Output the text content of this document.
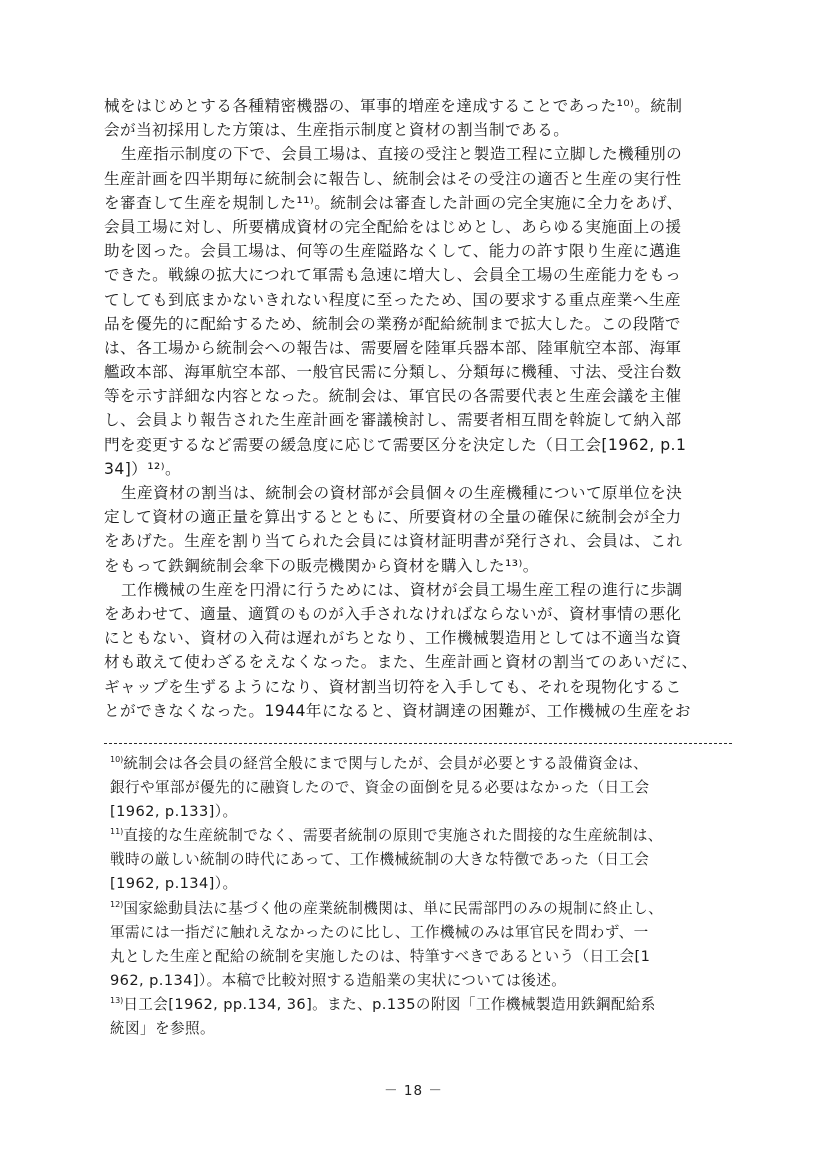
械をはじめとする各種精密機器の、軍事的増産を達成することであった¹⁰⁾。統制
会が当初採用した方策は、生産指示制度と資材の割当制である。
生産指示制度の下で、会員工場は、直接の受注と製造工程に立脚した機種別の
生産計画を四半期毎に統制会に報告し、統制会はその受注の適否と生産の実行性
を審査して生産を規制した¹¹⁾。統制会は審査した計画の完全実施に全力をあげ、
会員工場に対し、所要構成資材の完全配給をはじめとし、あらゆる実施面上の援
助を図った。会員工場は、何等の生産隘路なくして、能力の許す限り生産に邁進
できた。戦線の拡大につれて軍需も急速に増大し、会員全工場の生産能力をもっ
てしても到底まかないきれない程度に至ったため、国の要求する重点産業へ生産
品を優先的に配給するため、統制会の業務が配給統制まで拡大した。この段階で
は、各工場から統制会への報告は、需要層を陸軍兵器本部、陸軍航空本部、海軍
艦政本部、海軍航空本部、一般官民需に分類し、分類毎に機種、寸法、受注台数
等を示す詳細な内容となった。統制会は、軍官民の各需要代表と生産会議を主催
し、会員より報告された生産計画を審議検討し、需要者相互間を斡旋して納入部
門を変更するなど需要の緩急度に応じて需要区分を決定した（日工会[1962, p.1
34]）¹²⁾。
生産資材の割当は、統制会の資材部が会員個々の生産機種について原単位を決
定して資材の適正量を算出するとともに、所要資材の全量の確保に統制会が全力
をあげた。生産を割り当てられた会員には資材証明書が発行され、会員は、これ
をもって鉄鋼統制会傘下の販売機関から資材を購入した¹³⁾。
工作機械の生産を円滑に行うためには、資材が会員工場生産工程の進行に歩調
をあわせて、適量、適質のものが入手されなければならないが、資材事情の悪化
にともない、資材の入荷は遅れがちとなり、工作機械製造用としては不適当な資
材も敢えて使わざるをえなくなった。また、生産計画と資材の割当てのあいだに、
ギャップを生ずるようになり、資材割当切符を入手しても、それを現物化するこ
とができなくなった。1944年になると、資材調達の困難が、工作機械の生産をお
$^{10)}$統制会は各会員の経営全般にまで関与したが、会員が必要とする設備資金は、
銀行や軍部が優先的に融資したので、資金の面倒を見る必要はなかった（日工会
[1962, p.133]）。
$^{11)}$直接的な生産統制でなく、需要者統制の原則で実施された間接的な生産統制は、
戦時の厳しい統制の時代にあって、工作機械統制の大きな特徴であった（日工会
[1962, p.134]）。
$^{12)}$国家総動員法に基づく他の産業統制機関は、単に民需部門のみの規制に終止し、
軍需には一指だに触れえなかったのに比し、工作機械のみは軍官民を問わず、一
丸とした生産と配給の統制を実施したのは、特筆すべきであるという（日工会[1
962, p.134]）。本稿で比較対照する造船業の実状については後述。
$^{13)}$日工会[1962, pp.134, 36]。また、p.135の附図「工作機械製造用鉄鋼配給系
統図」を参照。
－ 18 －
